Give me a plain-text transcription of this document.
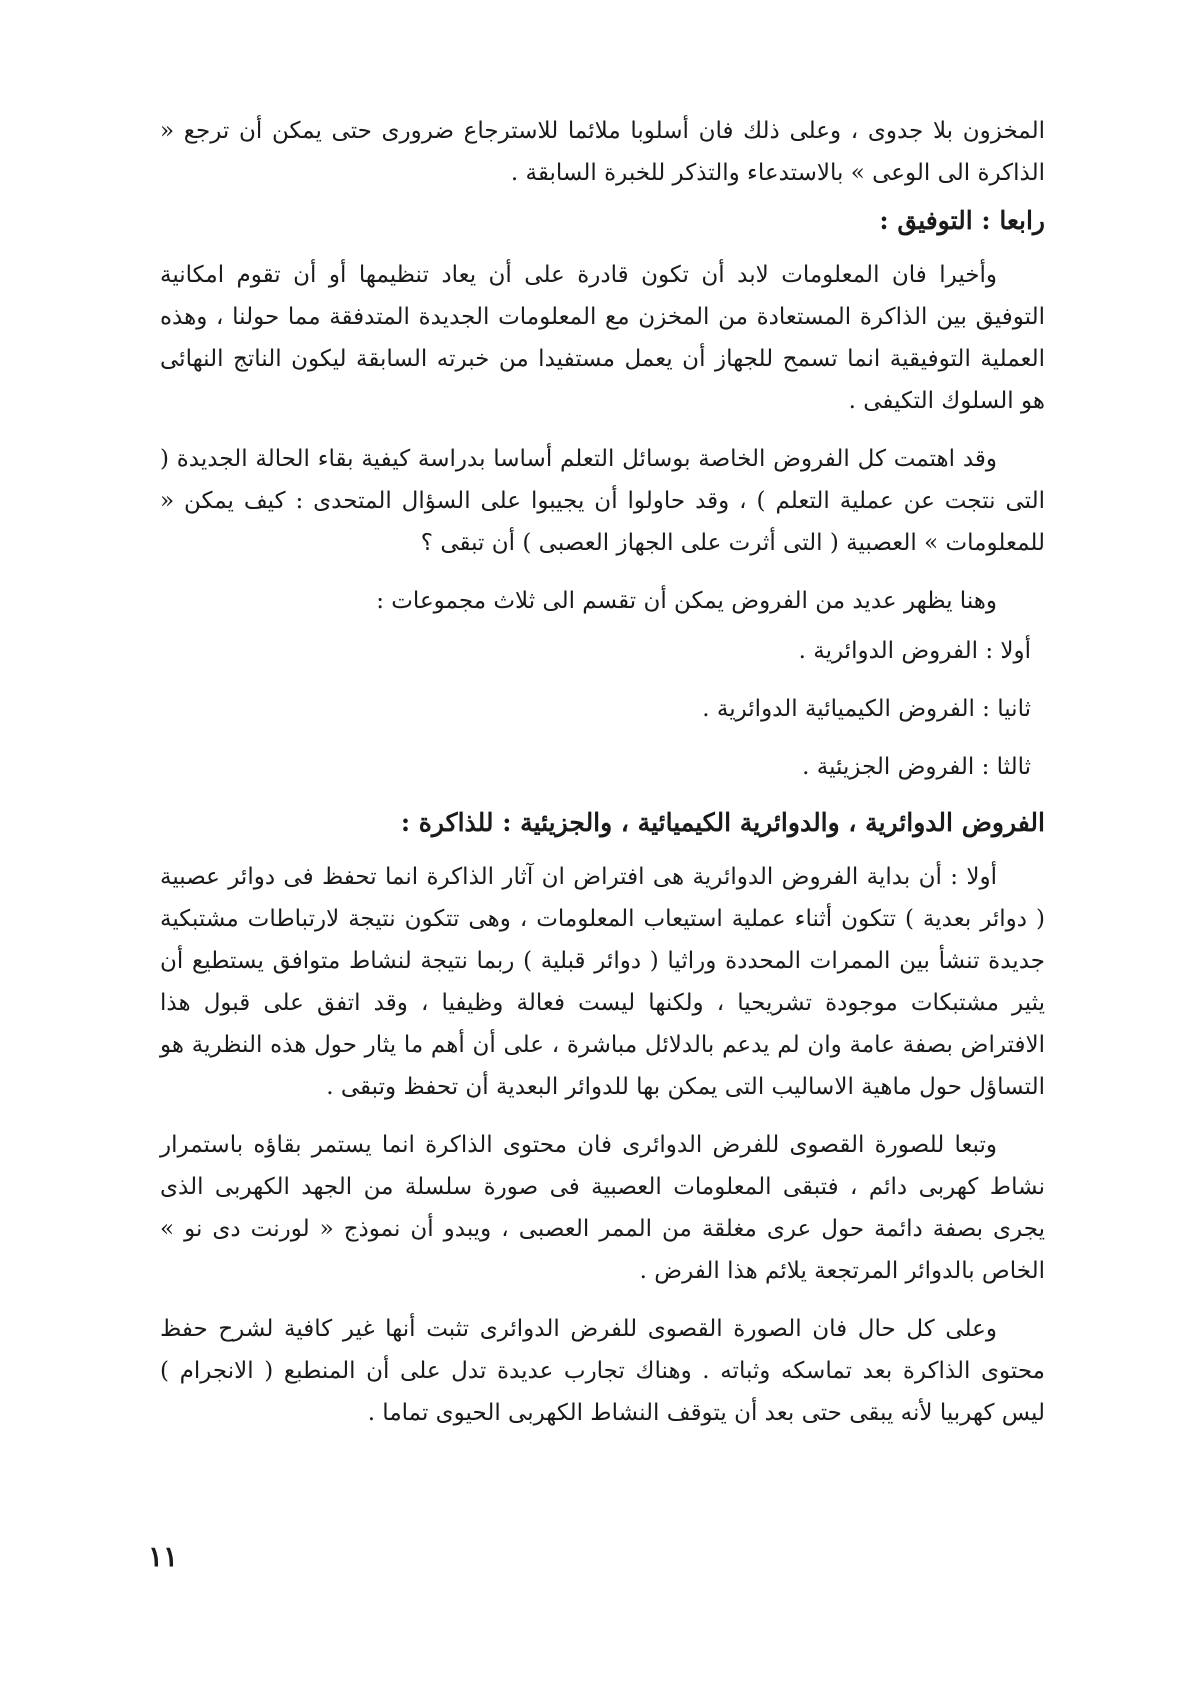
المخزون بلا جدوى ، وعلى ذلك فان أسلوبا ملائما للاسترجاع ضرورى حتى يمكن أن ترجع « الذاكرة الى الوعى » بالاستدعاء والتذكر للخبرة السابقة .

رابعا : التوفيق :

وأخيرا فان المعلومات لابد أن تكون قادرة على أن يعاد تنظيمها أو أن تقوم امكانية التوفيق بين الذاكرة المستعادة من المخزن مع المعلومات الجديدة المتدفقة مما حولنا ، وهذه العملية التوفيقية انما تسمح للجهاز أن يعمل مستفيدا من خبرته السابقة ليكون الناتج النهائى هو السلوك التكيفى .

وقد اهتمت كل الفروض الخاصة بوسائل التعلم أساسا بدراسة كيفية بقاء الحالة الجديدة ( التى نتجت عن عملية التعلم ) ، وقد حاولوا أن يجيبوا على السؤال المتحدى : كيف يمكن « للمعلومات » العصبية ( التى أثرت على الجهاز العصبى ) أن تبقى ؟

وهنا يظهر عديد من الفروض يمكن أن تقسم الى ثلاث مجموعات :

أولا : الفروض الدوائرية .

ثانيا : الفروض الكيميائية الدوائرية .

ثالثا : الفروض الجزيئية .

الفروض الدوائرية ، والدوائرية الكيميائية ، والجزيئية : للذاكرة :

أولا : أن بداية الفروض الدوائرية هى افتراض ان آثار الذاكرة انما تحفظ فى دوائر عصبية ( دوائر بعدية ) تتكون أثناء عملية استيعاب المعلومات ، وهى تتكون نتيجة لارتباطات مشتبكية جديدة تنشأ بين الممرات المحددة وراثيا ( دوائر قبلية ) ربما نتيجة لنشاط متوافق يستطيع أن يثير مشتبكات موجودة تشريحيا ، ولكنها ليست فعالة وظيفيا ، وقد اتفق على قبول هذا الافتراض بصفة عامة وان لم يدعم بالدلائل مباشرة ، على أن أهم ما يثار حول هذه النظرية هو التساؤل حول ماهية الاساليب التى يمكن بها للدوائر البعدية أن تحفظ وتبقى .

وتبعا للصورة القصوى للفرض الدوائرى فان محتوى الذاكرة انما يستمر بقاؤه باستمرار نشاط كهربى دائم ، فتبقى المعلومات العصبية فى صورة سلسلة من الجهد الكهربى الذى يجرى بصفة دائمة حول عرى مغلقة من الممر العصبى ، ويبدو أن نموذج « لورنت دى نو » الخاص بالدوائر المرتجعة يلائم هذا الفرض .

وعلى كل حال فان الصورة القصوى للفرض الدوائرى تثبت أنها غير كافية لشرح حفظ محتوى الذاكرة بعد تماسكه وثباته . وهناك تجارب عديدة تدل على أن المنطبع ( الانجرام ) ليس كهربيا لأنه يبقى حتى بعد أن يتوقف النشاط الكهربى الحيوى تماما .

١١
